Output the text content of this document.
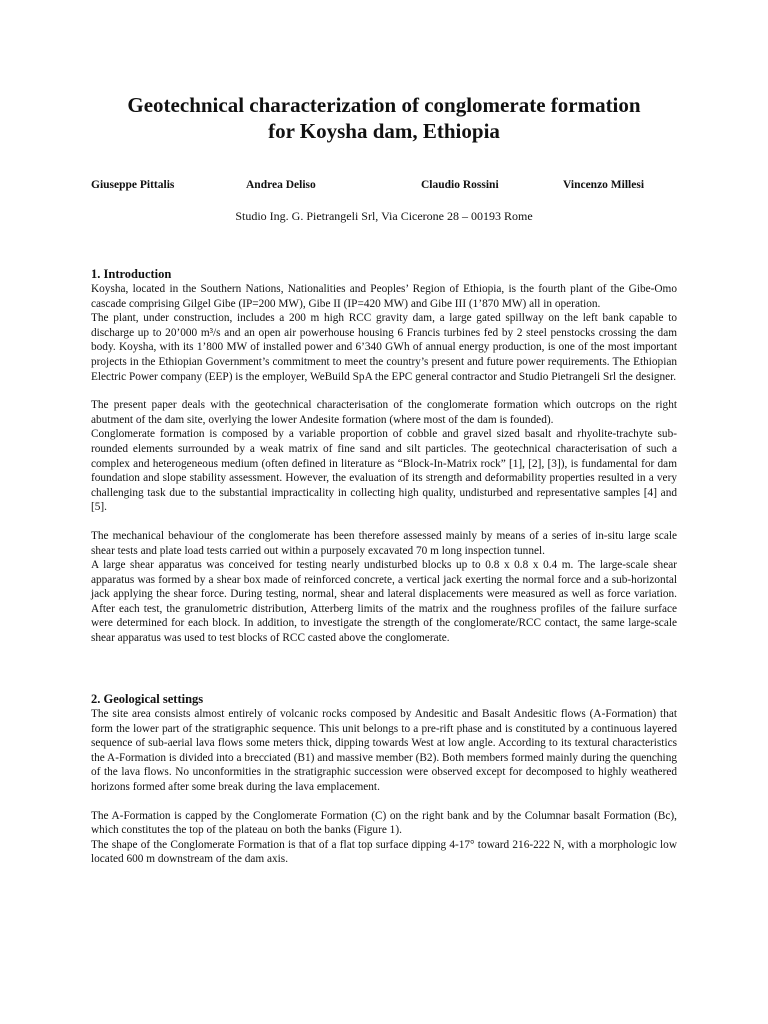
Geotechnical characterization of conglomerate formation
for Koysha dam, Ethiopia
Giuseppe Pittalis	Andrea Deliso	Claudio Rossini	Vincenzo Millesi
Studio Ing. G. Pietrangeli Srl, Via Cicerone 28 – 00193 Rome
1. Introduction

Koysha, located in the Southern Nations, Nationalities and Peoples’ Region of Ethiopia, is the fourth plant of the Gibe-Omo cascade comprising Gilgel Gibe (IP=200 MW), Gibe II (IP=420 MW) and Gibe III (1’870 MW) all in operation.

The plant, under construction, includes a 200 m high RCC gravity dam, a large gated spillway on the left bank capable to discharge up to 20’000 m³/s and an open air powerhouse housing 6 Francis turbines fed by 2 steel penstocks crossing the dam body. Koysha, with its 1’800 MW of installed power and 6’340 GWh of annual energy production, is one of the most important projects in the Ethiopian Government’s commitment to meet the country’s present and future power requirements. The Ethiopian Electric Power company (EEP) is the employer, WeBuild SpA the EPC general contractor and Studio Pietrangeli Srl the designer.

The present paper deals with the geotechnical characterisation of the conglomerate formation which outcrops on the right abutment of the dam site, overlying the lower Andesite formation (where most of the dam is founded).

Conglomerate formation is composed by a variable proportion of cobble and gravel sized basalt and rhyolite-trachyte sub-rounded elements surrounded by a weak matrix of fine sand and silt particles. The geotechnical characterisation of such a complex and heterogeneous medium (often defined in literature as “Block-In-Matrix rock” [1], [2], [3]), is fundamental for dam foundation and slope stability assessment. However, the evaluation of its strength and deformability properties resulted in a very challenging task due to the substantial impracticality in collecting high quality, undisturbed and representative samples [4] and [5].

The mechanical behaviour of the conglomerate has been therefore assessed mainly by means of a series of in-situ large scale shear tests and plate load tests carried out within a purposely excavated 70 m long inspection tunnel.

A large shear apparatus was conceived for testing nearly undisturbed blocks up to 0.8 x 0.8 x 0.4 m. The large-scale shear apparatus was formed by a shear box made of reinforced concrete, a vertical jack exerting the normal force and a sub-horizontal jack applying the shear force. During testing, normal, shear and lateral displacements were measured as well as force variation. After each test, the granulometric distribution, Atterberg limits of the matrix and the roughness profiles of the failure surface were determined for each block. In addition, to investigate the strength of the conglomerate/RCC contact, the same large-scale shear apparatus was used to test blocks of RCC casted above the conglomerate.

2. Geological settings

The site area consists almost entirely of volcanic rocks composed by Andesitic and Basalt Andesitic flows (A-Formation) that form the lower part of the stratigraphic sequence. This unit belongs to a pre-rift phase and is constituted by a continuous layered sequence of sub-aerial lava flows some meters thick, dipping towards West at low angle. According to its textural characteristics the A-Formation is divided into a brecciated (B1) and massive member (B2). Both members formed mainly during the quenching of the lava flows. No unconformities in the stratigraphic succession were observed except for decomposed to highly weathered horizons formed after some break during the lava emplacement.

The A-Formation is capped by the Conglomerate Formation (C) on the right bank and by the Columnar basalt Formation (Bc), which constitutes the top of the plateau on both the banks (Figure 1).

The shape of the Conglomerate Formation is that of a flat top surface dipping 4-17° toward 216-222 N, with a morphologic low located 600 m downstream of the dam axis.
